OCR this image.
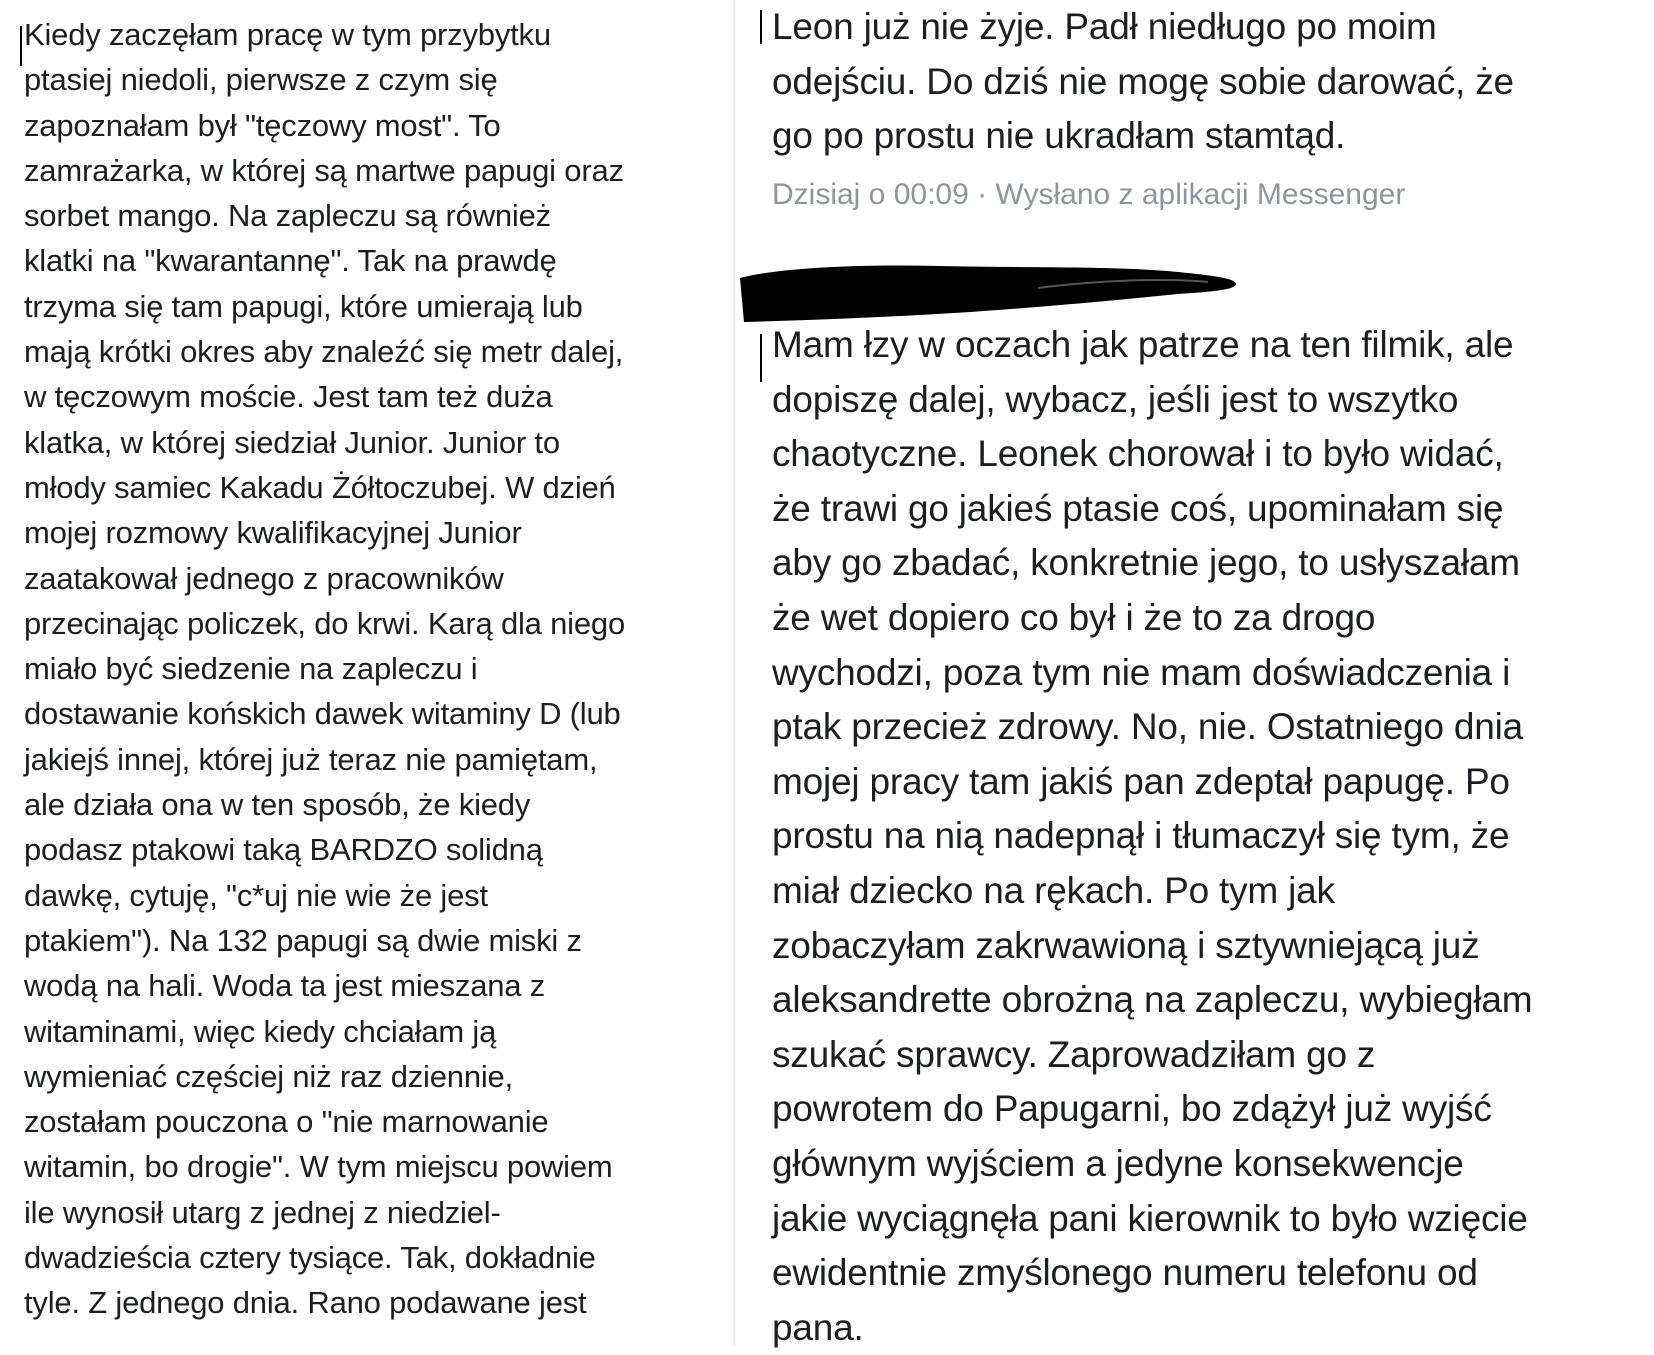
Kiedy zaczęłam pracę w tym przybytku
ptasiej niedoli, pierwsze z czym się
zapoznałam był "tęczowy most". To
zamrażarka, w której są martwe papugi oraz
sorbet mango. Na zapleczu są również
klatki na "kwarantannę". Tak na prawdę
trzyma się tam papugi, które umierają lub
mają krótki okres aby znaleźć się metr dalej,
w tęczowym moście. Jest tam też duża
klatka, w której siedział Junior. Junior to
młody samiec Kakadu Żółtoczubej. W dzień
mojej rozmowy kwalifikacyjnej Junior
zaatakował jednego z pracowników
przecinając policzek, do krwi. Karą dla niego
miało być siedzenie na zapleczu i
dostawanie końskich dawek witaminy D (lub
jakiejś innej, której już teraz nie pamiętam,
ale działa ona w ten sposób, że kiedy
podasz ptakowi taką BARDZO solidną
dawkę, cytuję, "c*uj nie wie że jest
ptakiem"). Na 132 papugi są dwie miski z
wodą na hali. Woda ta jest mieszana z
witaminami, więc kiedy chciałam ją
wymieniać częściej niż raz dziennie,
zostałam pouczona o "nie marnowanie
witamin, bo drogie". W tym miejscu powiem
ile wynosił utarg z jednej z niedziel-
dwadzieścia cztery tysiące. Tak, dokładnie
tyle. Z jednego dnia. Rano podawane jest

Leon już nie żyje. Padł niedługo po moim
odejściu. Do dziś nie mogę sobie darować, że
go po prostu nie ukradłam stamtąd.

Dzisiaj o 00:09 · Wysłano z aplikacji Messenger

Mam łzy w oczach jak patrze na ten filmik, ale
dopiszę dalej, wybacz, jeśli jest to wszytko
chaotyczne. Leonek chorował i to było widać,
że trawi go jakieś ptasie coś, upominałam się
aby go zbadać, konkretnie jego, to usłyszałam
że wet dopiero co był i że to za drogo
wychodzi, poza tym nie mam doświadczenia i
ptak przecież zdrowy. No, nie. Ostatniego dnia
mojej pracy tam jakiś pan zdeptał papugę. Po
prostu na nią nadepnął i tłumaczył się tym, że
miał dziecko na rękach. Po tym jak
zobaczyłam zakrwawioną i sztywniejącą już
aleksandrette obrożną na zapleczu, wybiegłam
szukać sprawcy. Zaprowadziłam go z
powrotem do Papugarni, bo zdążył już wyjść
głównym wyjściem a jedyne konsekwencje
jakie wyciągnęła pani kierownik to było wzięcie
ewidentnie zmyślonego numeru telefonu od
pana.
